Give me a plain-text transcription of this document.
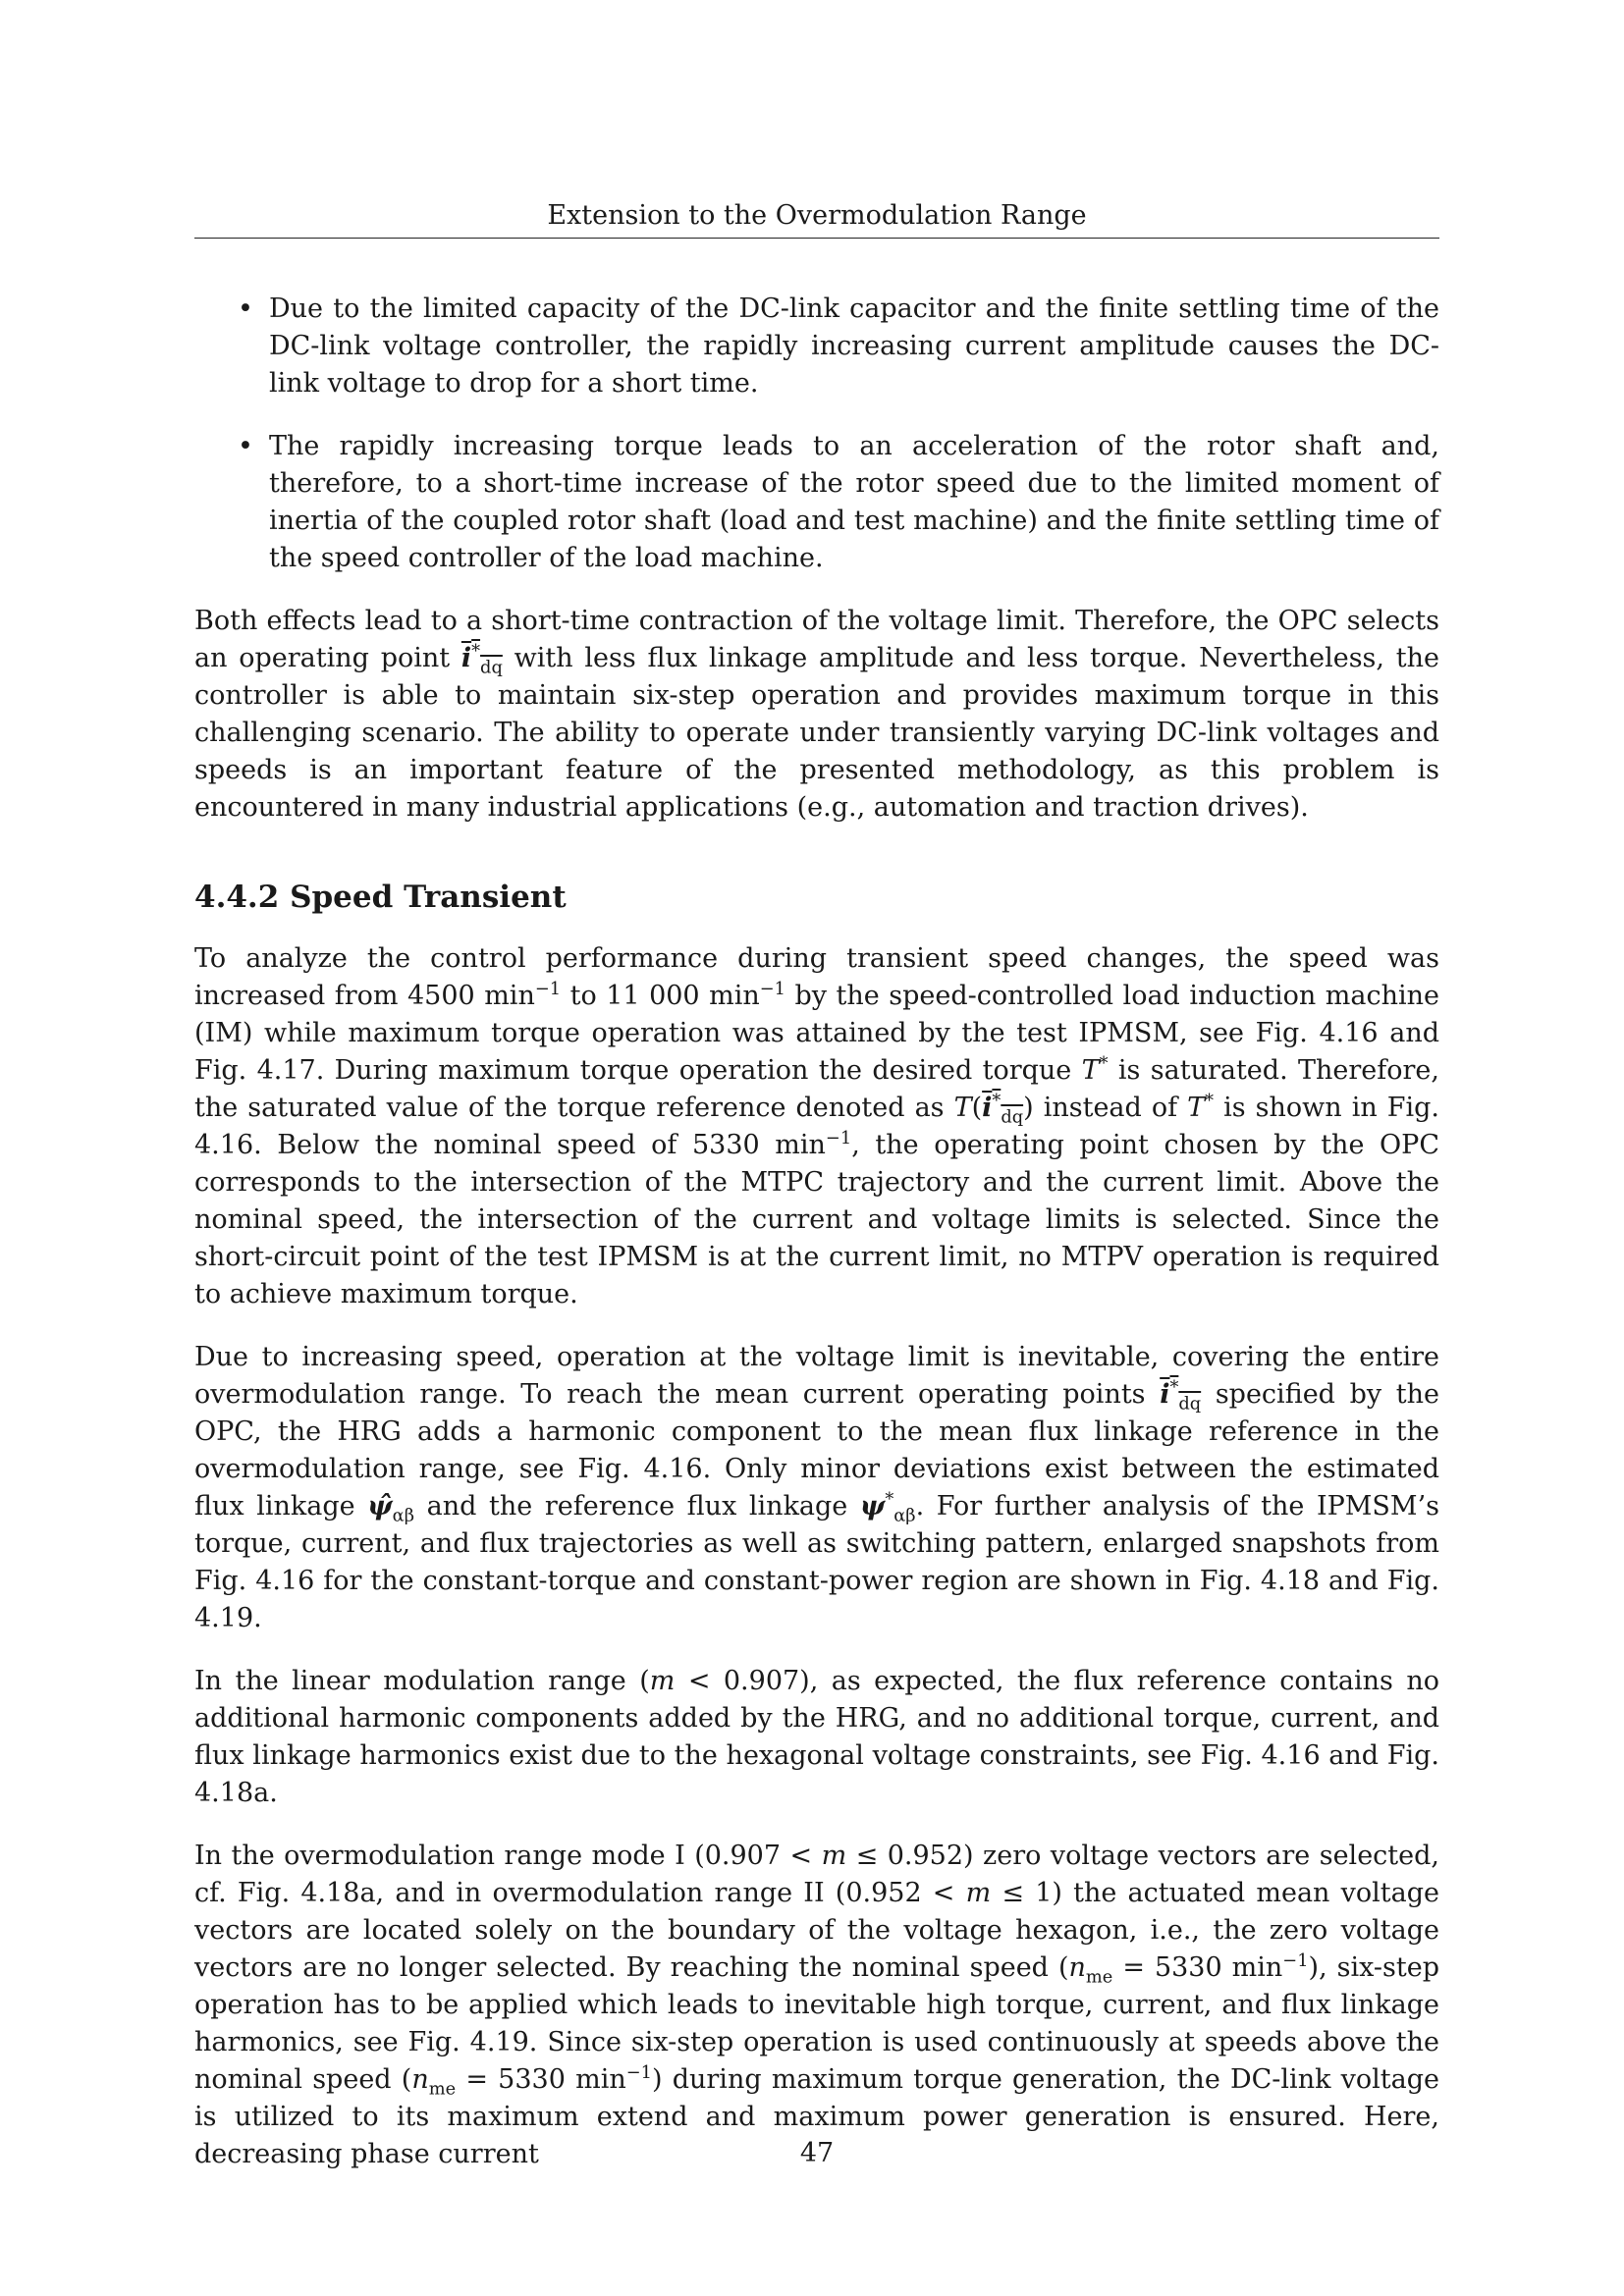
Extension to the Overmodulation Range
• Due to the limited capacity of the DC-link capacitor and the finite settling time of the DC-link voltage controller, the rapidly increasing current amplitude causes the DC-link voltage to drop for a short time.
• The rapidly increasing torque leads to an acceleration of the rotor shaft and, therefore, to a short-time increase of the rotor speed due to the limited moment of inertia of the coupled rotor shaft (load and test machine) and the finite settling time of the speed controller of the load machine.

Both effects lead to a short-time contraction of the voltage limit. Therefore, the OPC selects an operating point $i^*_{dq}$ with less flux linkage amplitude and less torque. Nevertheless, the controller is able to maintain six-step operation and provides maximum torque in this challenging scenario. The ability to operate under transiently varying DC-link voltages and speeds is an important feature of the presented methodology, as this problem is encountered in many industrial applications (e.g., automation and traction drives).

4.4.2 Speed Transient

To analyze the control performance during transient speed changes, the speed was increased from 4500 $\min^{-1}$ to 11 000 $\min^{-1}$ by the speed-controlled load induction machine (IM) while maximum torque operation was attained by the test IPMSM, see Fig. 4.16 and Fig. 4.17. During maximum torque operation the desired torque T* is saturated. Therefore, the saturated value of the torque reference denoted as $T(i^*_{dq})$ instead of T* is shown in Fig. 4.16. Below the nominal speed of 5330 $\min^{-1}$, the operating point chosen by the OPC corresponds to the intersection of the MTPC trajectory and the current limit. Above the nominal speed, the intersection of the current and voltage limits is selected. Since the short-circuit point of the test IPMSM is at the current limit, no MTPV operation is required to achieve maximum torque.

Due to increasing speed, operation at the voltage limit is inevitable, covering the entire overmodulation range. To reach the mean current operating points $i^*_{dq}$ specified by the OPC, the HRG adds a harmonic component to the mean flux linkage reference in the overmodulation range, see Fig. 4.16. Only minor deviations exist between the estimated flux linkage $\psî_{\alpha\beta}$ and the reference flux linkage $\psi^*_{\alpha\beta}$. For further analysis of the IPMSM’s torque, current, and flux trajectories as well as switching pattern, enlarged snapshots from Fig. 4.16 for the constant-torque and constant-power region are shown in Fig. 4.18 and Fig. 4.19.

In the linear modulation range (m < 0.907), as expected, the flux reference contains no additional harmonic components added by the HRG, and no additional torque, current, and flux linkage harmonics exist due to the hexagonal voltage constraints, see Fig. 4.16 and Fig. 4.18a.

In the overmodulation range mode I (0.907 < m ≤ 0.952) zero voltage vectors are selected, cf. Fig. 4.18a, and in overmodulation range II (0.952 < m ≤ 1) the actuated mean voltage vectors are located solely on the boundary of the voltage hexagon, i.e., the zero voltage vectors are no longer selected. By reaching the nominal speed ($n_{me} = 5330$ $\min^{-1}$), six-step operation has to be applied which leads to inevitable high torque, current, and flux linkage harmonics, see Fig. 4.19. Since six-step operation is used continuously at speeds above the nominal speed ($n_{me} = 5330$ $\min^{-1}$) during maximum torque generation, the DC-link voltage is utilized to its maximum extend and maximum power generation is ensured. Here, decreasing phase current	47
